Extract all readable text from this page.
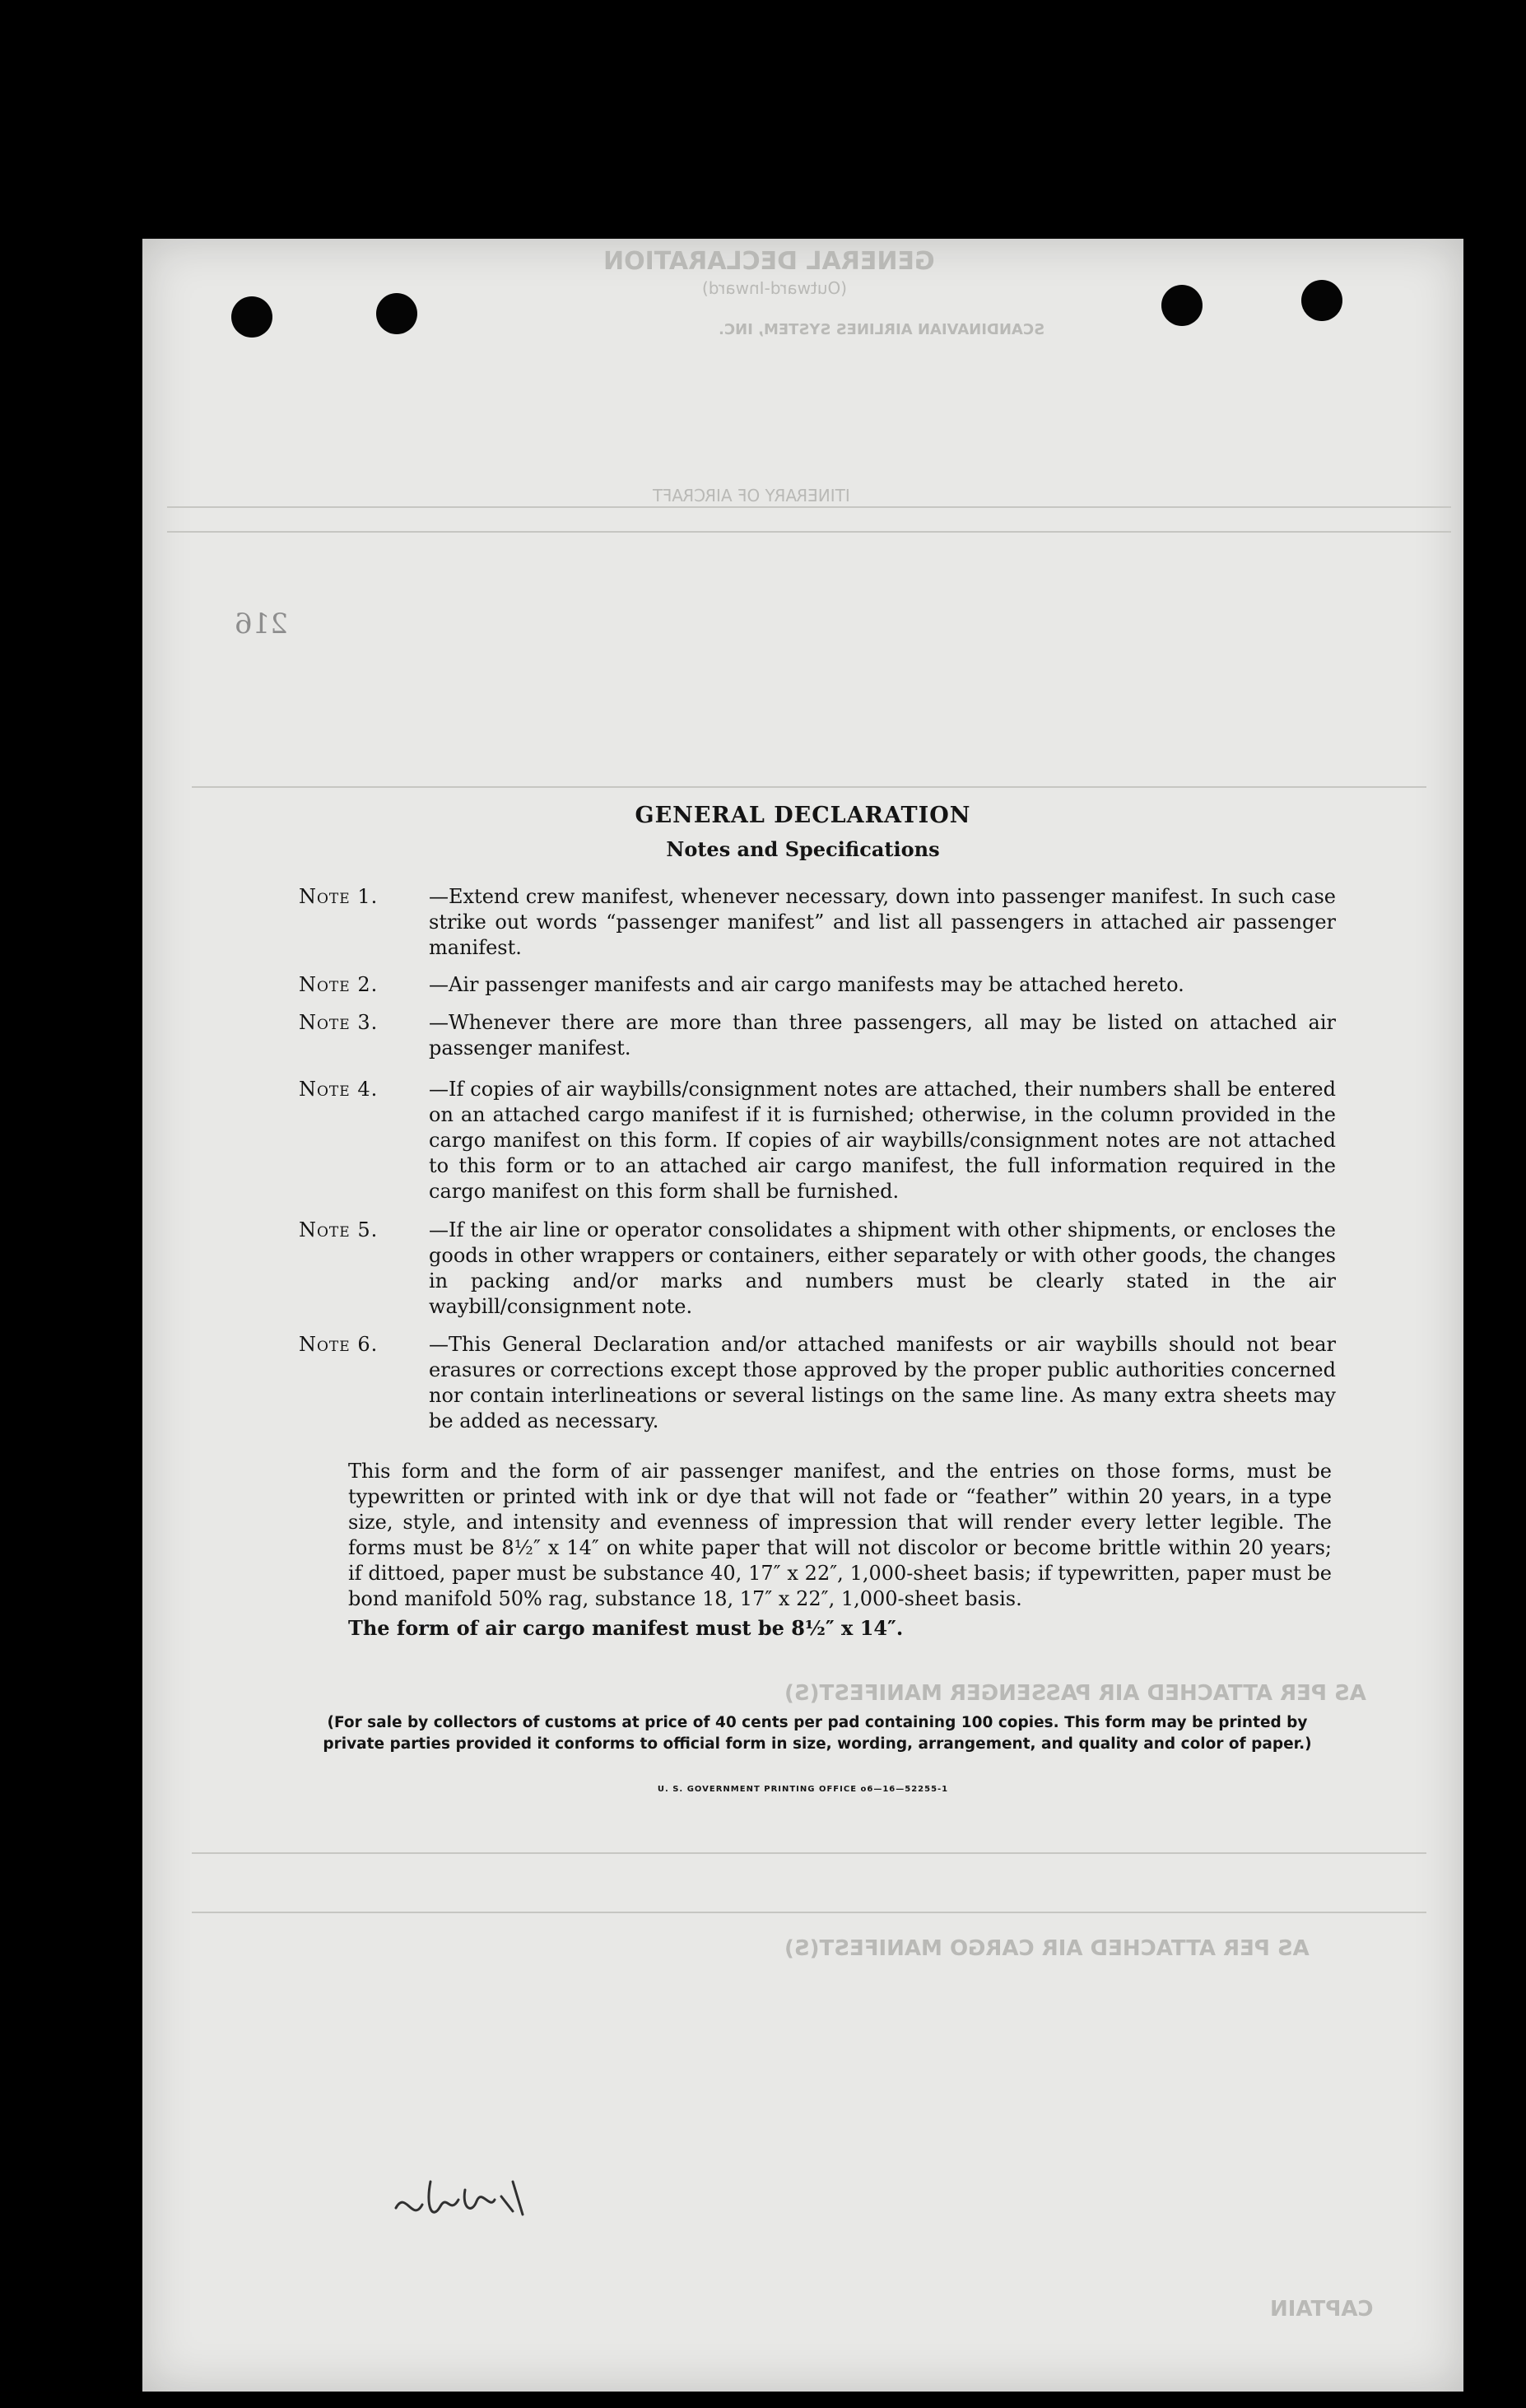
GENERAL DECLARATION
(Outward-Inward)
SCANDINAVIAN AIRLINES SYSTEM, INC.
ITINERARY OF AIRCRAFT
AS PER ATTACHED AIR PASSENGER MANIFEST(S)
AS PER ATTACHED AIR CARGO MANIFEST(S)
CAPTAIN
216
GENERAL DECLARATION
Notes and Specifications
Note 1.	—Extend crew manifest, whenever necessary, down into passenger manifest. In such case strike out words “passenger manifest” and list all passengers in attached air passenger manifest.
Note 2.	—Air passenger manifests and air cargo manifests may be attached hereto.
Note 3.	—Whenever there are more than three passengers, all may be listed on attached air passenger manifest.
Note 4.	—If copies of air waybills/consignment notes are attached, their numbers shall be entered on an attached cargo manifest if it is furnished; otherwise, in the column provided in the cargo manifest on this form. If copies of air waybills/consignment notes are not attached to this form or to an attached air cargo manifest, the full information required in the cargo manifest on this form shall be furnished.
Note 5.	—If the air line or operator consolidates a shipment with other shipments, or encloses the goods in other wrappers or containers, either separately or with other goods, the changes in packing and/or marks and numbers must be clearly stated in the air waybill/consignment note.
Note 6.	—This General Declaration and/or attached manifests or air waybills should not bear erasures or corrections except those approved by the proper public authorities concerned nor contain interlineations or several listings on the same line. As many extra sheets may be added as necessary.
This form and the form of air passenger manifest, and the entries on those forms, must be typewritten or printed with ink or dye that will not fade or “feather” within 20 years, in a type size, style, and intensity and evenness of impression that will render every letter legible. The forms must be 8½″ x 14″ on white paper that will not discolor or become brittle within 20 years; if dittoed, paper must be substance 40, 17″ x 22″, 1,000-sheet basis; if typewritten, paper must be bond manifold 50% rag, substance 18, 17″ x 22″, 1,000-sheet basis.
The form of air cargo manifest must be 8½″ x 14″.
(For sale by collectors of customs at price of 40 cents per pad containing 100 copies. This form may be printed by private parties provided it conforms to official form in size, wording, arrangement, and quality and color of paper.)
U. S. GOVERNMENT PRINTING OFFICE o6—16—52255-1
